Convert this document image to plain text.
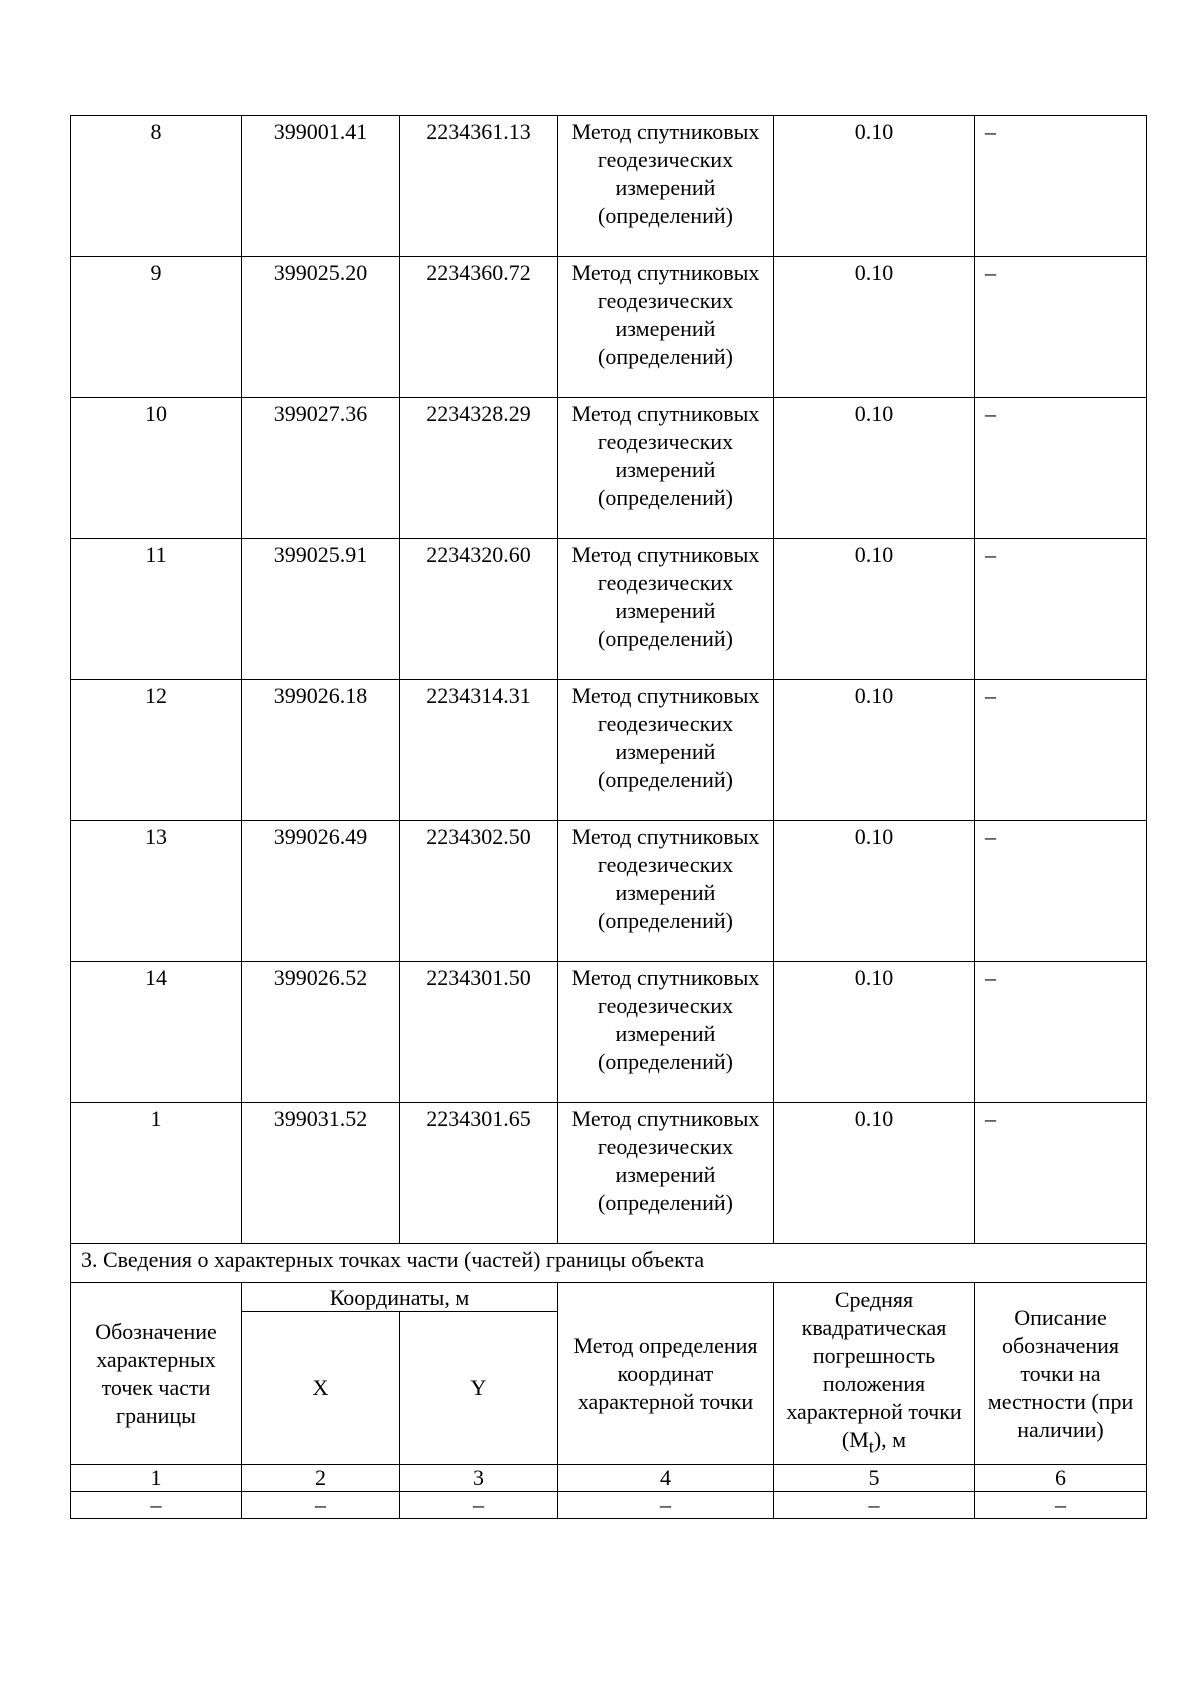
8	399001.41	2234361.13	Метод спутниковых геодезических измерений (определений)	0.10	–
9	399025.20	2234360.72	Метод спутниковых геодезических измерений (определений)	0.10	–
10	399027.36	2234328.29	Метод спутниковых геодезических измерений (определений)	0.10	–
11	399025.91	2234320.60	Метод спутниковых геодезических измерений (определений)	0.10	–
12	399026.18	2234314.31	Метод спутниковых геодезических измерений (определений)	0.10	–
13	399026.49	2234302.50	Метод спутниковых геодезических измерений (определений)	0.10	–
14	399026.52	2234301.50	Метод спутниковых геодезических измерений (определений)	0.10	–
1	399031.52	2234301.65	Метод спутниковых геодезических измерений (определений)	0.10	–
3. Сведения о характерных точках части (частей) границы объекта					
Обозначение характерных точек части границы	Координаты, м		Метод определения координат характерной точки	Средняя квадратическая погрешность положения характерной точки $(M_t)$, м	Описание обозначения точки на местности (при наличии)
	X	Y			
1	2	3	4	5	6
–	–	–	–	–	–
